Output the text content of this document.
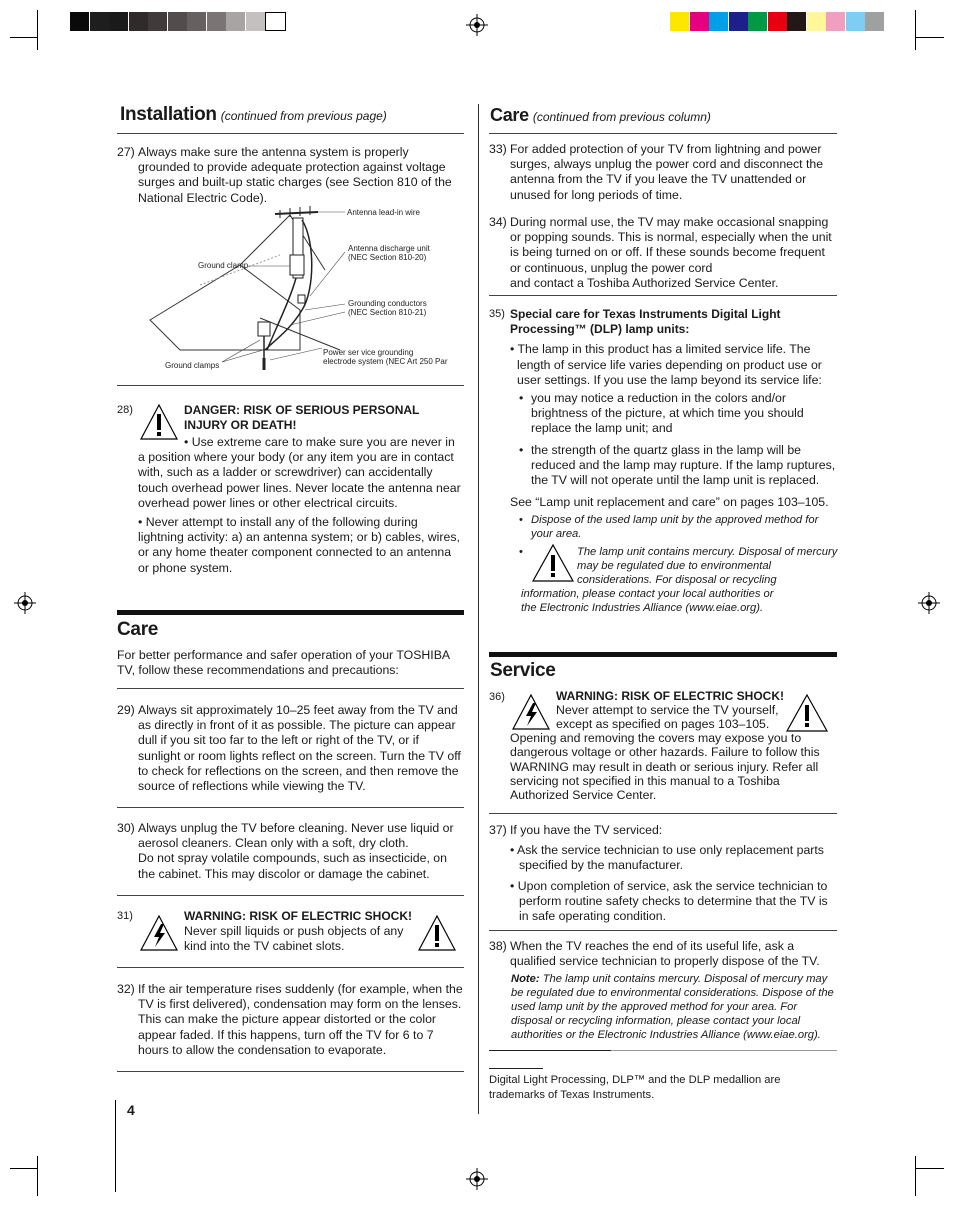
Installation (continued from previous page)
27) Always make sure the antenna system is properly grounded to provide adequate protection against voltage surges and built-up static charges (see Section 810 of the National Electric Code).
Antenna lead-in wire
Antenna discharge unit
(NEC Section 810-20)
Ground clamp
Grounding conductors
(NEC Section 810-21)
Power ser vice grounding
electrode system (NEC Art 250 Par
Ground clamps
28)	DANGER: RISK OF SERIOUS PERSONAL INJURY OR DEATH!
• Use extreme care to make sure you are never in a position where your body (or any item you are in contact with, such as a ladder or screwdriver) can accidentally touch overhead power lines. Never locate the antenna near overhead power lines or other electrical circuits.
• Never attempt to install any of the following during lightning activity: a) an antenna system; or b) cables, wires, or any home theater component connected to an antenna or phone system.
Care
For better performance and safer operation of your TOSHIBA TV, follow these recommendations and precautions:
29) Always sit approximately 10–25 feet away from the TV and as directly in front of it as possible. The picture can appear dull if you sit too far to the left or right of the TV, or if sunlight or room lights reflect on the screen. Turn the TV off to check for reflections on the screen, and then remove the source of reflections while viewing the TV.
30) Always unplug the TV before cleaning. Never use liquid or aerosol cleaners. Clean only with a soft, dry cloth.
Do not spray volatile compounds, such as insecticide, on the cabinet. This may discolor or damage the cabinet.
31)	WARNING: RISK OF ELECTRIC SHOCK!
Never spill liquids or push objects of any kind into the TV cabinet slots.
32) If the air temperature rises suddenly (for example, when the TV is first delivered), condensation may form on the lenses. This can make the picture appear distorted or the color appear faded. If this happens, turn off the TV for 6 to 7 hours to allow the condensation to evaporate.
4
Care (continued from previous column)
33) For added protection of your TV from lightning and power surges, always unplug the power cord and disconnect the antenna from the TV if you leave the TV unattended or unused for long periods of time.
34) During normal use, the TV may make occasional snapping or popping sounds. This is normal, especially when the unit is being turned on or off. If these sounds become frequent or continuous, unplug the power cord
and contact a Toshiba Authorized Service Center.
35) Special care for Texas Instruments Digital Light Processing™ (DLP) lamp units:
• The lamp in this product has a limited service life. The length of service life varies depending on product use or user settings. If you use the lamp beyond its service life:
• you may notice a reduction in the colors and/or brightness of the picture, at which time you should replace the lamp unit; and
• the strength of the quartz glass in the lamp will be reduced and the lamp may rupture. If the lamp ruptures, the TV will not operate until the lamp unit is replaced.
See “Lamp unit replacement and care” on pages 103–105.
• Dispose of the used lamp unit by the approved method for your area.
•	The lamp unit contains mercury. Disposal of mercury may be regulated due to environmental considerations. For disposal or recycling
information, please contact your local authorities or
the Electronic Industries Alliance (www.eiae.org).
Service
36)	WARNING: RISK OF ELECTRIC SHOCK!
Never attempt to service the TV yourself,
except as specified on pages 103–105.
Opening and removing the covers may expose you to dangerous voltage or other hazards. Failure to follow this WARNING may result in death or serious injury. Refer all servicing not specified in this manual to a Toshiba Authorized Service Center.
37) If you have the TV serviced:
• Ask the service technician to use only replacement parts specified by the manufacturer.
• Upon completion of service, ask the service technician to perform routine safety checks to determine that the TV is in safe operating condition.
38) When the TV reaches the end of its useful life, ask a qualified service technician to properly dispose of the TV.
Note: The lamp unit contains mercury. Disposal of mercury may be regulated due to environmental considerations. Dispose of the used lamp unit by the approved method for your area. For disposal or recycling information, please contact your local authorities or the Electronic Industries Alliance (www.eiae.org).
Digital Light Processing, DLP™ and the DLP medallion are trademarks of Texas Instruments.
